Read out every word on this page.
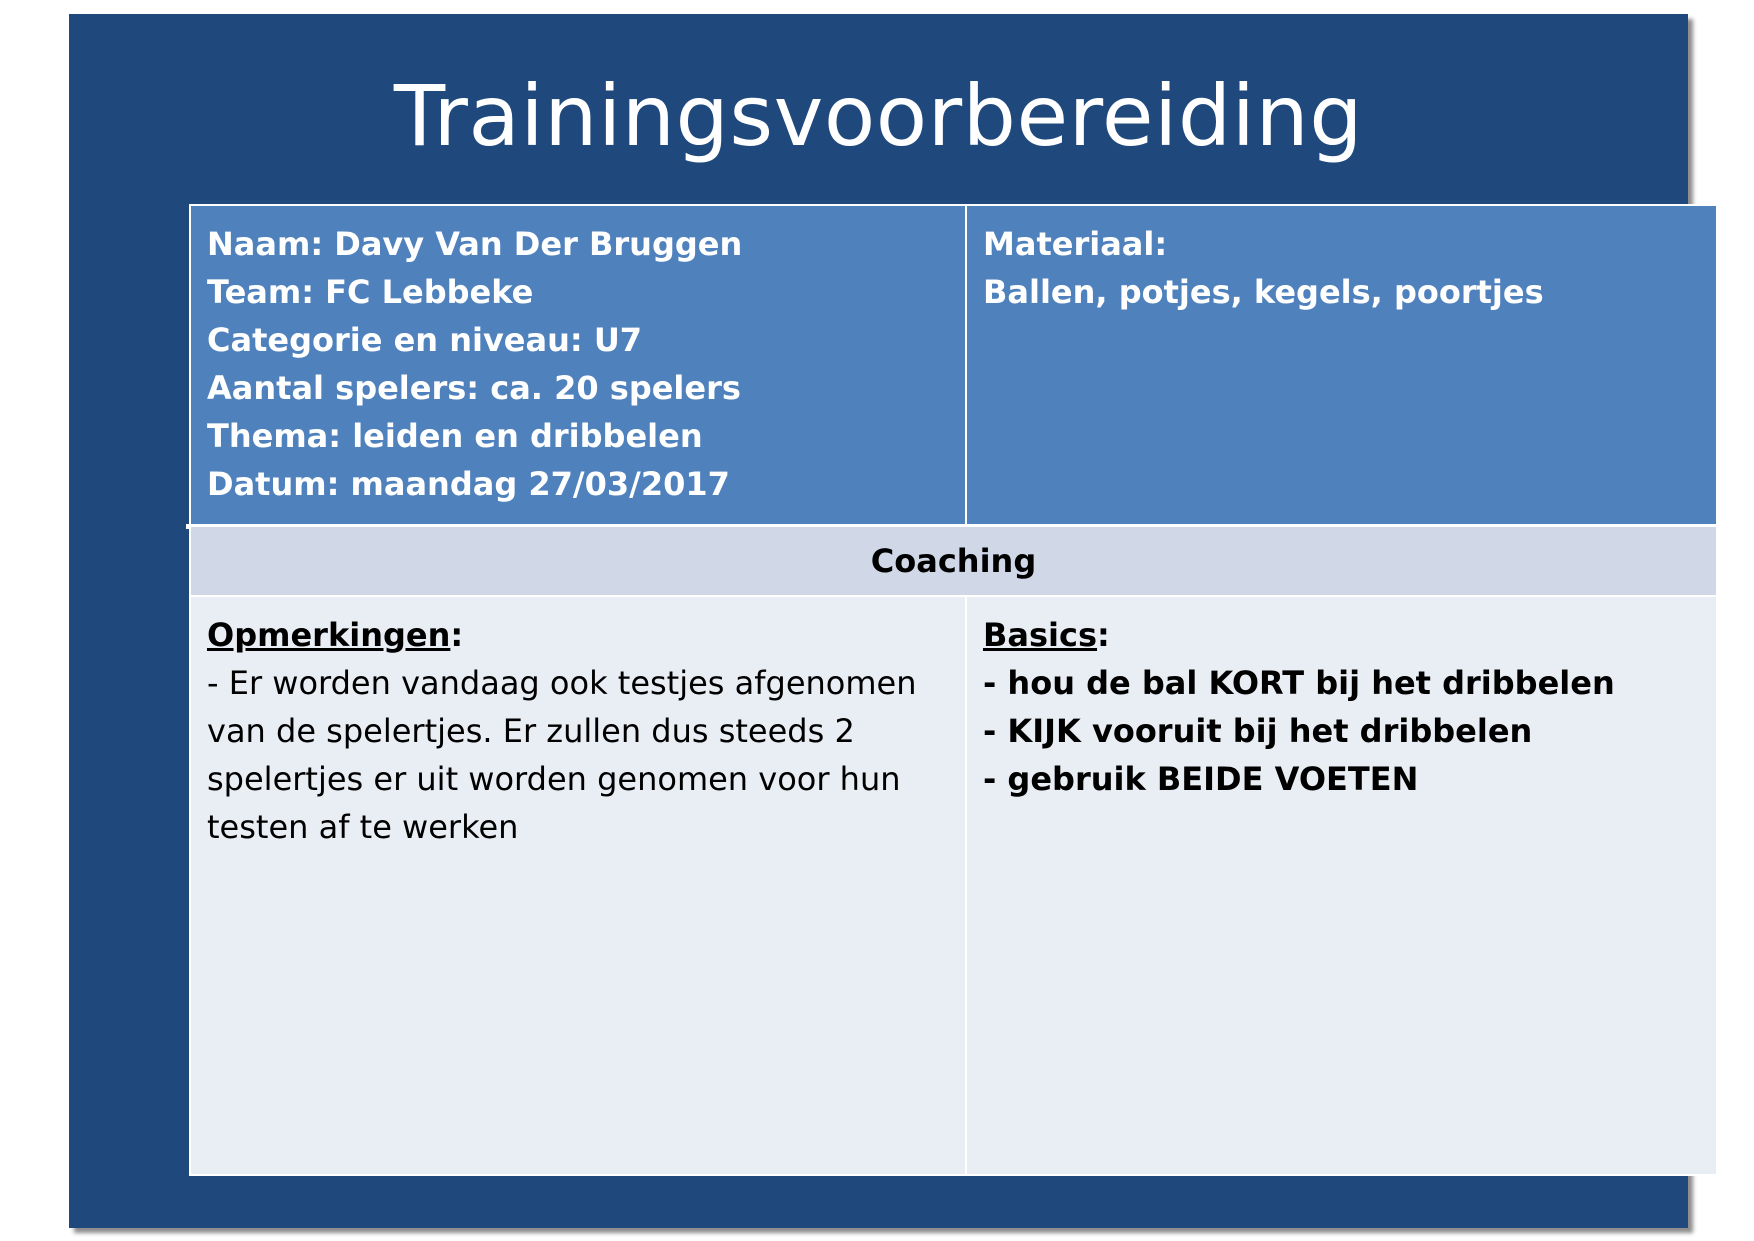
Trainingsvoorbereiding
Naam: Davy Van Der Bruggen
Team: FC Lebbeke
Categorie en niveau: U7
Aantal spelers: ca. 20 spelers
Thema: leiden en dribbelen
Datum: maandag 27/03/2017
Materiaal:
Ballen, potjes, kegels, poortjes
Coaching
Opmerkingen:
- Er worden vandaag ook testjes afgenomen van de spelertjes. Er zullen dus steeds 2 spelertjes er uit worden genomen voor hun testen af te werken
Basics:
- hou de bal KORT bij het dribbelen
- KIJK vooruit bij het dribbelen
- gebruik BEIDE VOETEN
